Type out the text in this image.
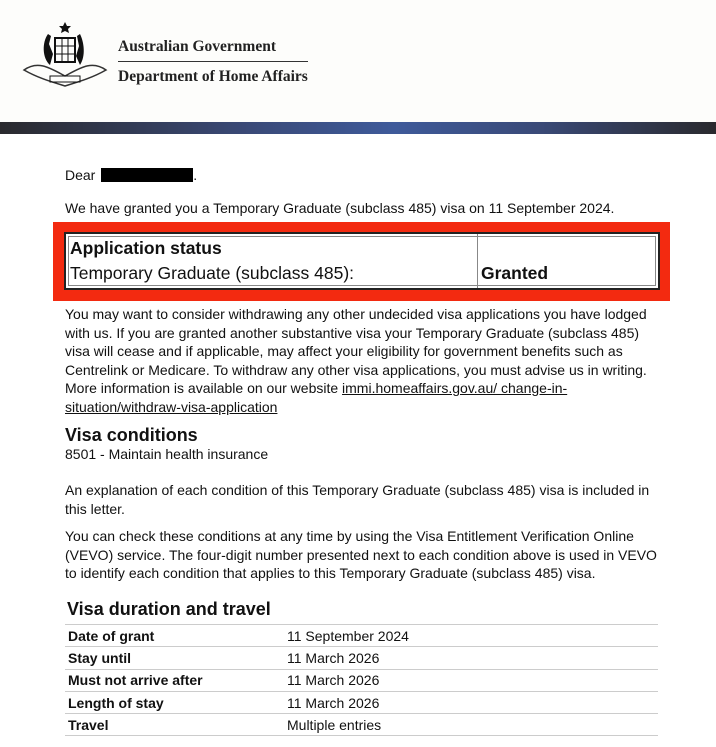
Australian Government
Department of Home Affairs
Dear	.
We have granted you a Temporary Graduate (subclass 485) visa on 11 September 2024.
Application status
Temporary Graduate (subclass 485):	Granted
You may want to consider withdrawing any other undecided visa applications you have lodged with us. If you are granted another substantive visa your Temporary Graduate (subclass 485) visa will cease and if applicable, may affect your eligibility for government benefits such as Centrelink or Medicare. To withdraw any other visa applications, you must advise us in writing. More information is available on our website immi.homeaffairs.gov.au/ change-in-situation/withdraw-visa-application
Visa conditions
8501 - Maintain health insurance
An explanation of each condition of this Temporary Graduate (subclass 485) visa is included in this letter.
You can check these conditions at any time by using the Visa Entitlement Verification Online (VEVO) service. The four-digit number presented next to each condition above is used in VEVO to identify each condition that applies to this Temporary Graduate (subclass 485) visa.
Visa duration and travel
Date of grant	11 September 2024
Stay until	11 March 2026
Must not arrive after	11 March 2026
Length of stay	11 March 2026
Travel	Multiple entries
